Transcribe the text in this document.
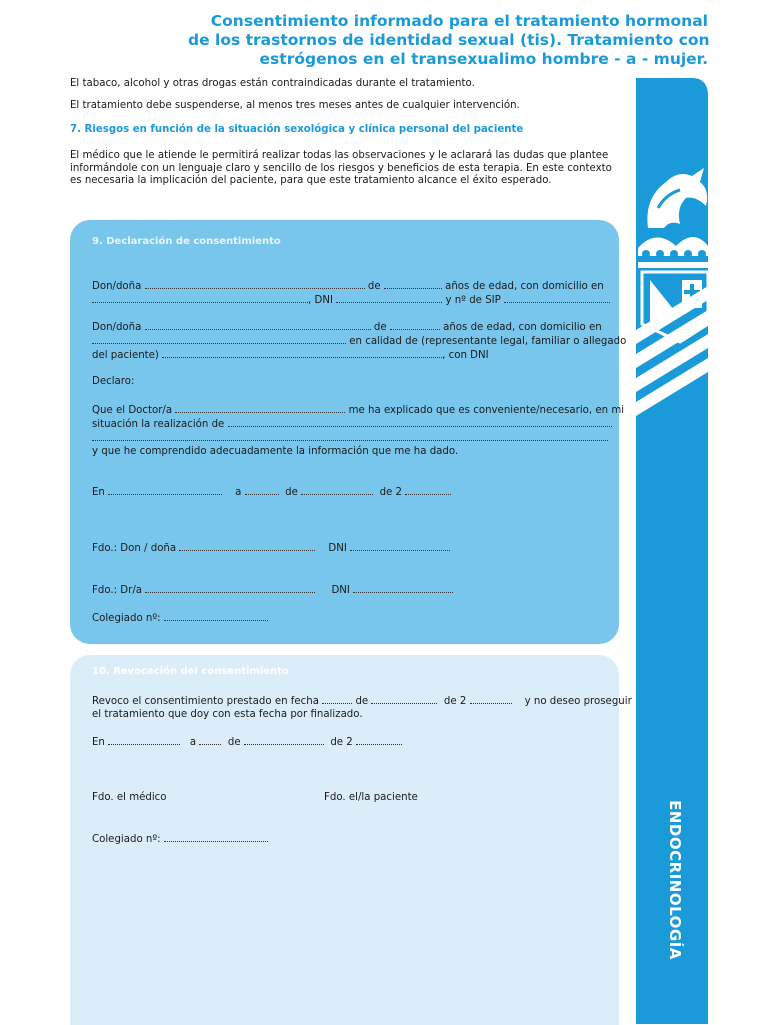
Consentimiento informado para el tratamiento hormonal
de los trastornos de identidad sexual (tis). Tratamiento con
estrógenos en el transexualimo hombre - a - mujer.
El tabaco, alcohol y otras drogas están contraindicadas durante el tratamiento.
El tratamiento debe suspenderse, al menos tres meses antes de cualquier intervención.
7. Riesgos en función de la situación sexológica y clínica personal del paciente
El médico que le atiende le permitirá realizar todas las observaciones y le aclarará las dudas que plantee
informándole con un lenguaje claro y sencillo de los riesgos y beneficios de esta terapia. En este contexto
es necesaria la implicación del paciente, para que este tratamiento alcance el éxito esperado.
9. Declaración de consentimiento
Don/doña	de	años de edad, con domicilio en
, DNI	y nº de SIP
Don/doña	de	años de edad, con domicilio en
en calidad de (representante legal, familiar o allegado
del paciente)	, con DNI
Declaro:
Que el Doctor/a	me ha explicado que es conveniente/necesario, en mi
situación la realización de
y que he comprendido adecuadamente la información que me ha dado.
En	a	de	de 2
Fdo.: Don / doña	DNI
Fdo.: Dr/a	DNI
Colegiado nº:
10. Revocación del consentimiento
Revoco el consentimiento prestado en fecha	de	de 2	y no deseo proseguir
el tratamiento que doy con esta fecha por finalizado.
En	a	de	de 2
Fdo. el médico	Fdo. el/la paciente
Colegiado nº:	ENDOCRINOLOGÍA
